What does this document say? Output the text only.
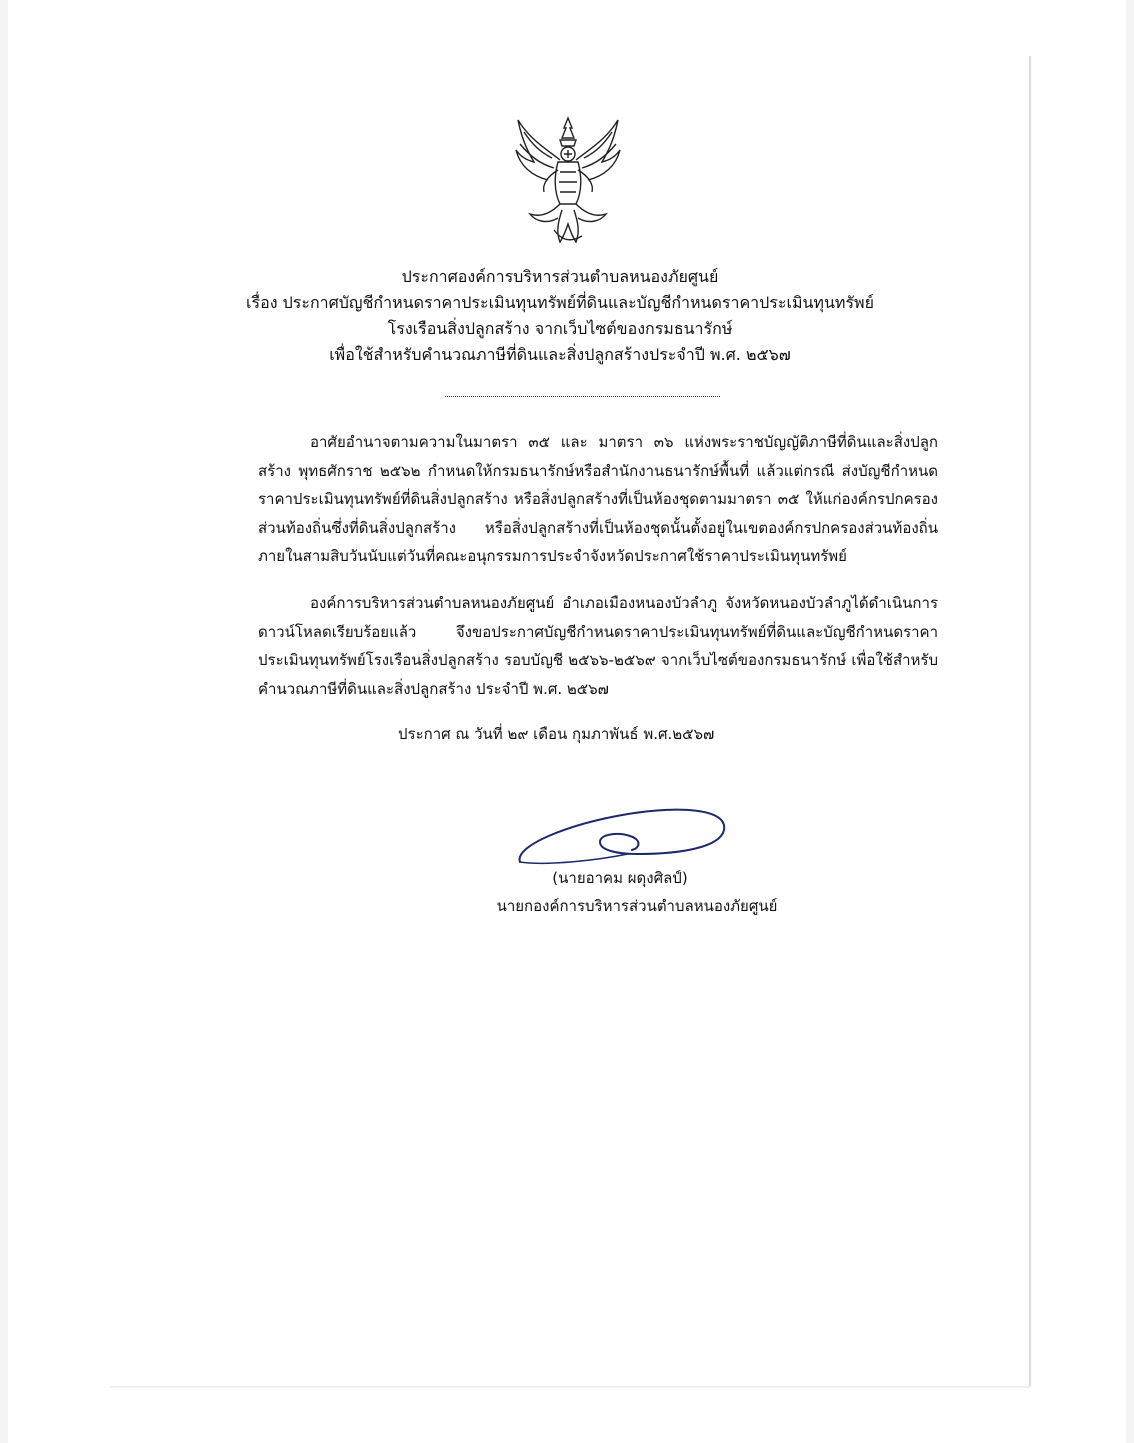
ประกาศองค์การบริหารส่วนตำบลหนองภัยศูนย์
เรื่อง ประกาศบัญชีกำหนดราคาประเมินทุนทรัพย์ที่ดินและบัญชีกำหนดราคาประเมินทุนทรัพย์
โรงเรือนสิ่งปลูกสร้าง จากเว็บไซต์ของกรมธนารักษ์
เพื่อใช้สำหรับคำนวณภาษีที่ดินและสิ่งปลูกสร้างประจำปี พ.ศ. ๒๕๖๗
อาศัยอำนาจตามความในมาตรา ๓๕ และ มาตรา ๓๖ แห่งพระราชบัญญัติภาษีที่ดินและสิ่งปลูกสร้าง พุทธศักราช ๒๕๖๒ กำหนดให้กรมธนารักษ์หรือสำนักงานธนารักษ์พื้นที่ แล้วแต่กรณี ส่งบัญชีกำหนดราคาประเมินทุนทรัพย์ที่ดินสิ่งปลูกสร้าง หรือสิ่งปลูกสร้างที่เป็นห้องชุดตามมาตรา ๓๕ ให้แก่องค์กรปกครองส่วนท้องถิ่นซึ่งที่ดินสิ่งปลูกสร้าง หรือสิ่งปลูกสร้างที่เป็นห้องชุดนั้นตั้งอยู่ในเขตองค์กรปกครองส่วนท้องถิ่น ภายในสามสิบวันนับแต่วันที่คณะอนุกรรมการประจำจังหวัดประกาศใช้ราคาประเมินทุนทรัพย์
องค์การบริหารส่วนตำบลหนองภัยศูนย์ อำเภอเมืองหนองบัวลำภู จังหวัดหนองบัวลำภูได้ดำเนินการดาวน์โหลดเรียบร้อยแล้ว จึงขอประกาศบัญชีกำหนดราคาประเมินทุนทรัพย์ที่ดินและบัญชีกำหนดราคาประเมินทุนทรัพย์โรงเรือนสิ่งปลูกสร้าง รอบบัญชี ๒๕๖๖-๒๕๖๙ จากเว็บไซต์ของกรมธนารักษ์ เพื่อใช้สำหรับคำนวณภาษีที่ดินและสิ่งปลูกสร้าง ประจำปี พ.ศ. ๒๕๖๗
ประกาศ ณ วันที่ ๒๙ เดือน กุมภาพันธ์ พ.ศ.๒๕๖๗
(นายอาคม ผดุงศิลป์)
นายกองค์การบริหารส่วนตำบลหนองภัยศูนย์
